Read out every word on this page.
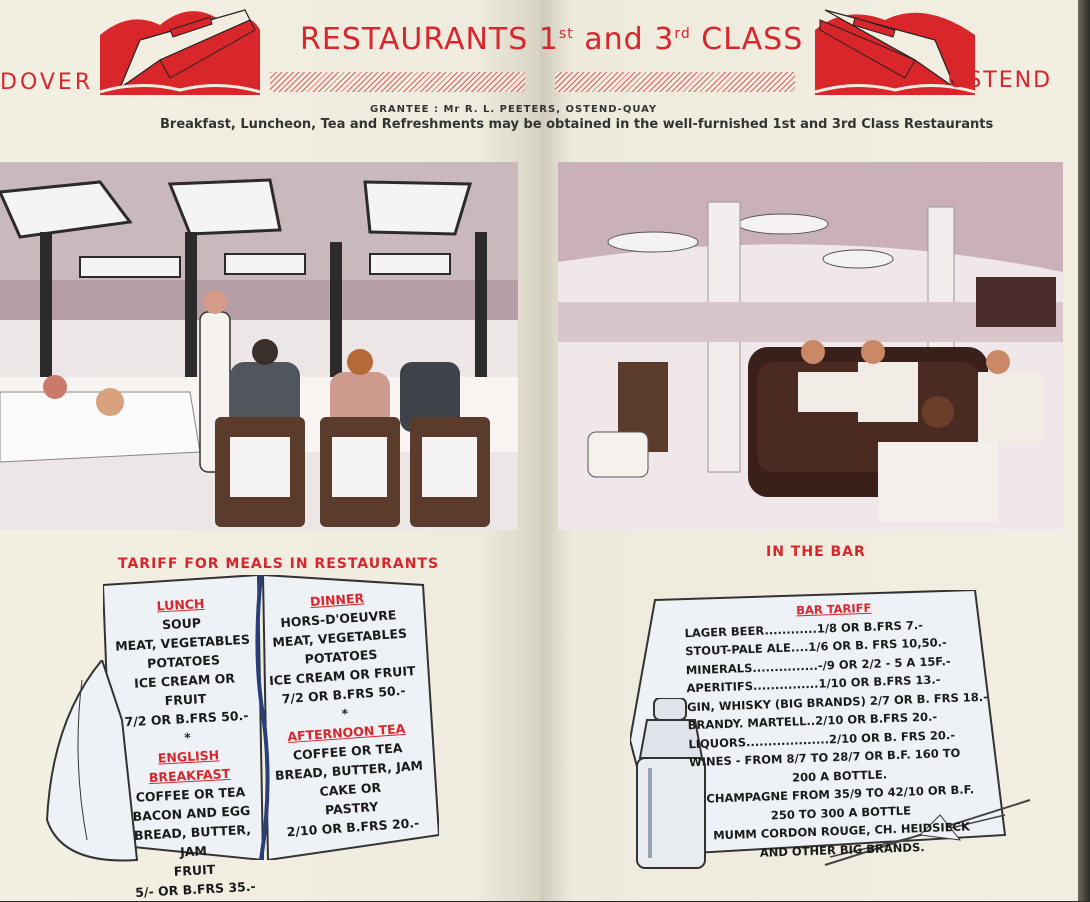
DOVER	OSTEND
RESTAURANTS 1st and 3rd CLASS
GRANTEE : Mr R. L. PEETERS, OSTEND-QUAY
Breakfast, Luncheon, Tea and Refreshments may be obtained in the well-furnished 1st and 3rd Class Restaurants
TARIFF FOR MEALS IN RESTAURANTS
IN THE BAR
LUNCH
SOUP
MEAT, VEGETABLES
POTATOES
ICE CREAM OR FRUIT
7/2 OR B.FRS 50.-
*
ENGLISH BREAKFAST
COFFEE OR TEA
BACON AND EGG
BREAD, BUTTER, JAM
FRUIT
5/- OR B.FRS 35.-
DINNER
HORS-D'OEUVRE
MEAT, VEGETABLES
POTATOES
ICE CREAM OR FRUIT
7/2 OR B.FRS 50.-
*
AFTERNOON TEA
COFFEE OR TEA
BREAD, BUTTER, JAM
CAKE OR
PASTRY
2/10 OR B.FRS 20.-
BAR TARIFF
LAGER BEER............1/8 OR B.FRS 7.-
STOUT-PALE ALE....1/6 OR B. FRS 10,50.-
MINERALS...............-/9 OR 2/2 - 5 A 15F.-
APERITIFS...............1/10 OR B.FRS 13.-
GIN, WHISKY (BIG BRANDS) 2/7 OR B. FRS 18.-
BRANDY. MARTELL..2/10 OR B.FRS 20.-
LIQUORS...................2/10 OR B. FRS 20.-
WINES - FROM 8/7 TO 28/7 OR B.F. 160 TO
200 A BOTTLE.
CHAMPAGNE FROM 35/9 TO 42/10 OR B.F.
250 TO 300 A BOTTLE
MUMM CORDON ROUGE, CH. HEIDSIECK
AND OTHER BIG BRANDS.
